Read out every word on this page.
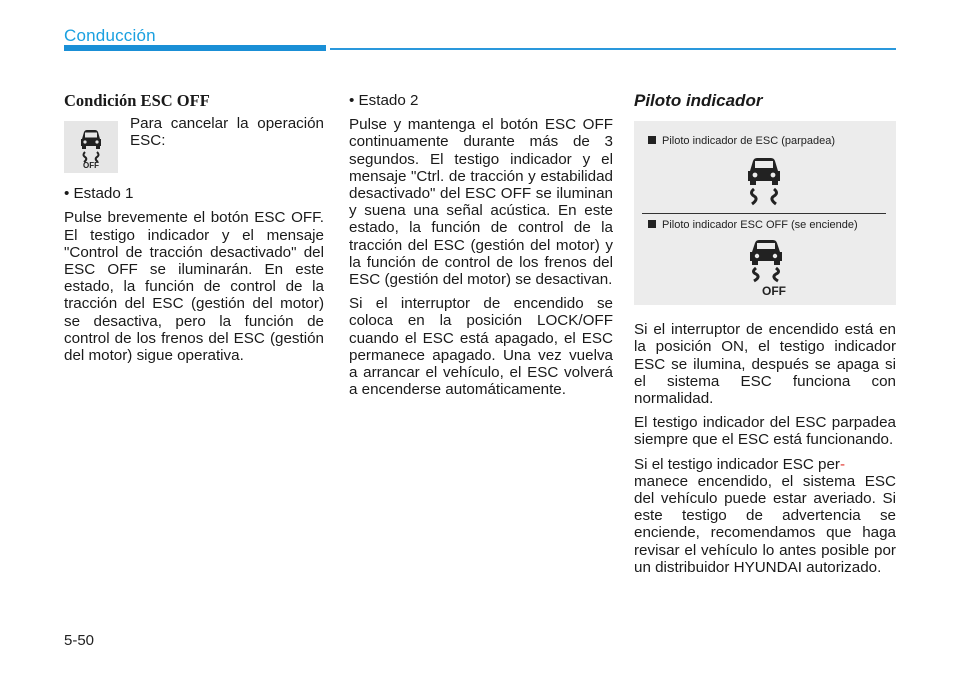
Conducción
Condición ESC OFF
OFF
Para cancelar la operación ESC:

• Estado 1

Pulse brevemente el botón ESC OFF. El testigo indicador y el mensaje "Control de tracción desactivado" del ESC OFF se iluminarán. En este estado, la función de control de la tracción del ESC (gestión del motor) se desactiva, pero la función de control de los frenos del ESC (gestión del motor) sigue operativa.

• Estado 2

Pulse y mantenga el botón ESC OFF continuamente durante más de 3 segundos. El testigo indicador y el mensaje "Ctrl. de tracción y estabilidad desactivado" del ESC OFF se iluminan y suena una señal acústica. En este estado, la función de control de la tracción del ESC (gestión del motor) y la función de control de los frenos del ESC (gestión del motor) se desactivan.

Si el interruptor de encendido se coloca en la posición LOCK/OFF cuando el ESC está apagado, el ESC permanece apagado. Una vez vuelva a arrancar el vehículo, el ESC volverá a encenderse automáticamente.

Piloto indicador
Piloto indicador de ESC (parpadea)
Piloto indicador ESC OFF (se enciende)
OFF

Si el interruptor de encendido está en la posición ON, el testigo indicador ESC se ilumina, después se apaga si el sistema ESC funciona con normalidad.

El testigo indicador del ESC parpadea siempre que el ESC está funcionando.

Si el testigo indicador ESC per-
manece encendido, el sistema ESC del vehículo puede estar averiado. Si este testigo de advertencia se enciende, recomendamos que haga revisar el vehículo lo antes posible por un distribuidor HYUNDAI autorizado.

5-50
